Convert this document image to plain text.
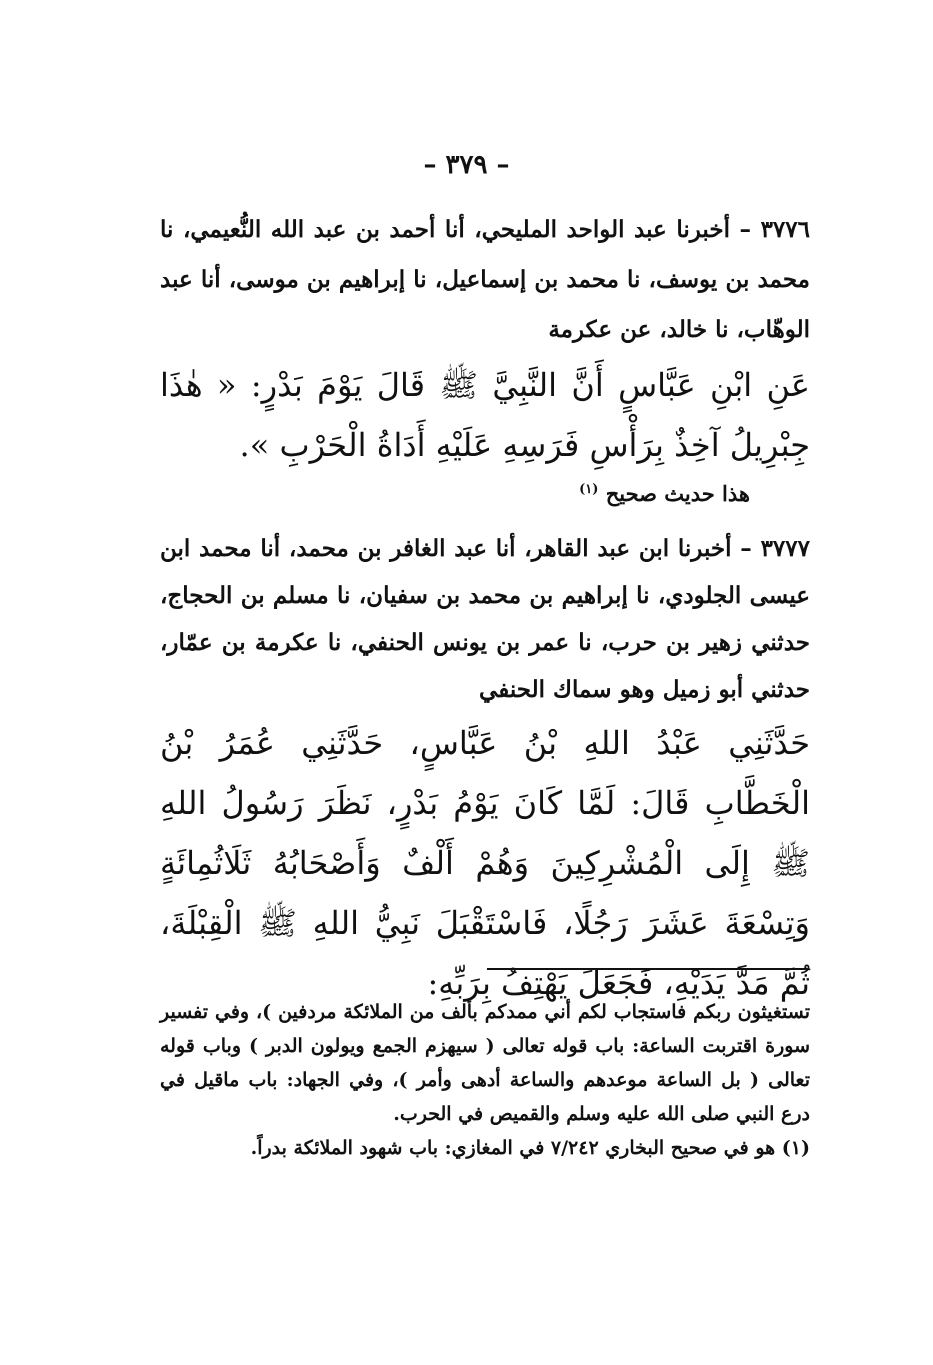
– ٣٧٩ –

٣٧٧٦ – أخبرنا عبد الواحد المليحي، أنا أحمد بن عبد الله النُّعيمي، نا محمد بن يوسف، نا محمد بن إسماعيل، نا إبراهيم بن موسى، أنا عبد الوهّاب، نا خالد، عن عكرمة

عَنِ ابْنِ عَبَّاسٍ أَنَّ النَّبِيَّ ﷺ قَالَ يَوْمَ بَدْرٍ: « هٰذَا جِبْرِيلُ آخِذٌ بِرَأْسِ فَرَسِهِ عَلَيْهِ أَدَاةُ الْحَرْبِ ».

هذا حديث صحيح $^{(١)}$

٣٧٧٧ – أخبرنا ابن عبد القاهر، أنا عبد الغافر بن محمد، أنا محمد ابن عيسى الجلودي، نا إبراهيم بن محمد بن سفيان، نا مسلم بن الحجاج، حدثني زهير بن حرب، نا عمر بن يونس الحنفي، نا عكرمة بن عمّار، حدثني أبو زميل وهو سماك الحنفي

حَدَّثَنِي عَبْدُ اللهِ بْنُ عَبَّاسٍ، حَدَّثَنِي عُمَرُ بْنُ الْخَطَّابِ قَالَ: لَمَّا كَانَ يَوْمُ بَدْرٍ، نَظَرَ رَسُولُ اللهِ ﷺ إِلَى الْمُشْرِكِينَ وَهُمْ أَلْفٌ وَأَصْحَابُهُ ثَلَاثُمِائَةٍ وَتِسْعَةَ عَشَرَ رَجُلًا، فَاسْتَقْبَلَ نَبِيُّ اللهِ ﷺ الْقِبْلَةَ، ثُمَّ مَدَّ يَدَيْهِ، فَجَعَلَ يَهْتِفُ بِرَبِّهِ:

تستغيثون ربكم فاستجاب لكم أني ممدكم بألف من الملائكة مردفين )، وفي تفسير سورة اقتربت الساعة: باب قوله تعالى ( سيهزم الجمع ويولون الدبر ) وباب قوله تعالى ( بل الساعة موعدهم والساعة أدهى وأمر )، وفي الجهاد: باب ماقيل في درع النبي صلى الله عليه وسلم والقميص في الحرب.

(١) هو في صحيح البخاري ٧/٢٤٢ في المغازي: باب شهود الملائكة بدراً.
